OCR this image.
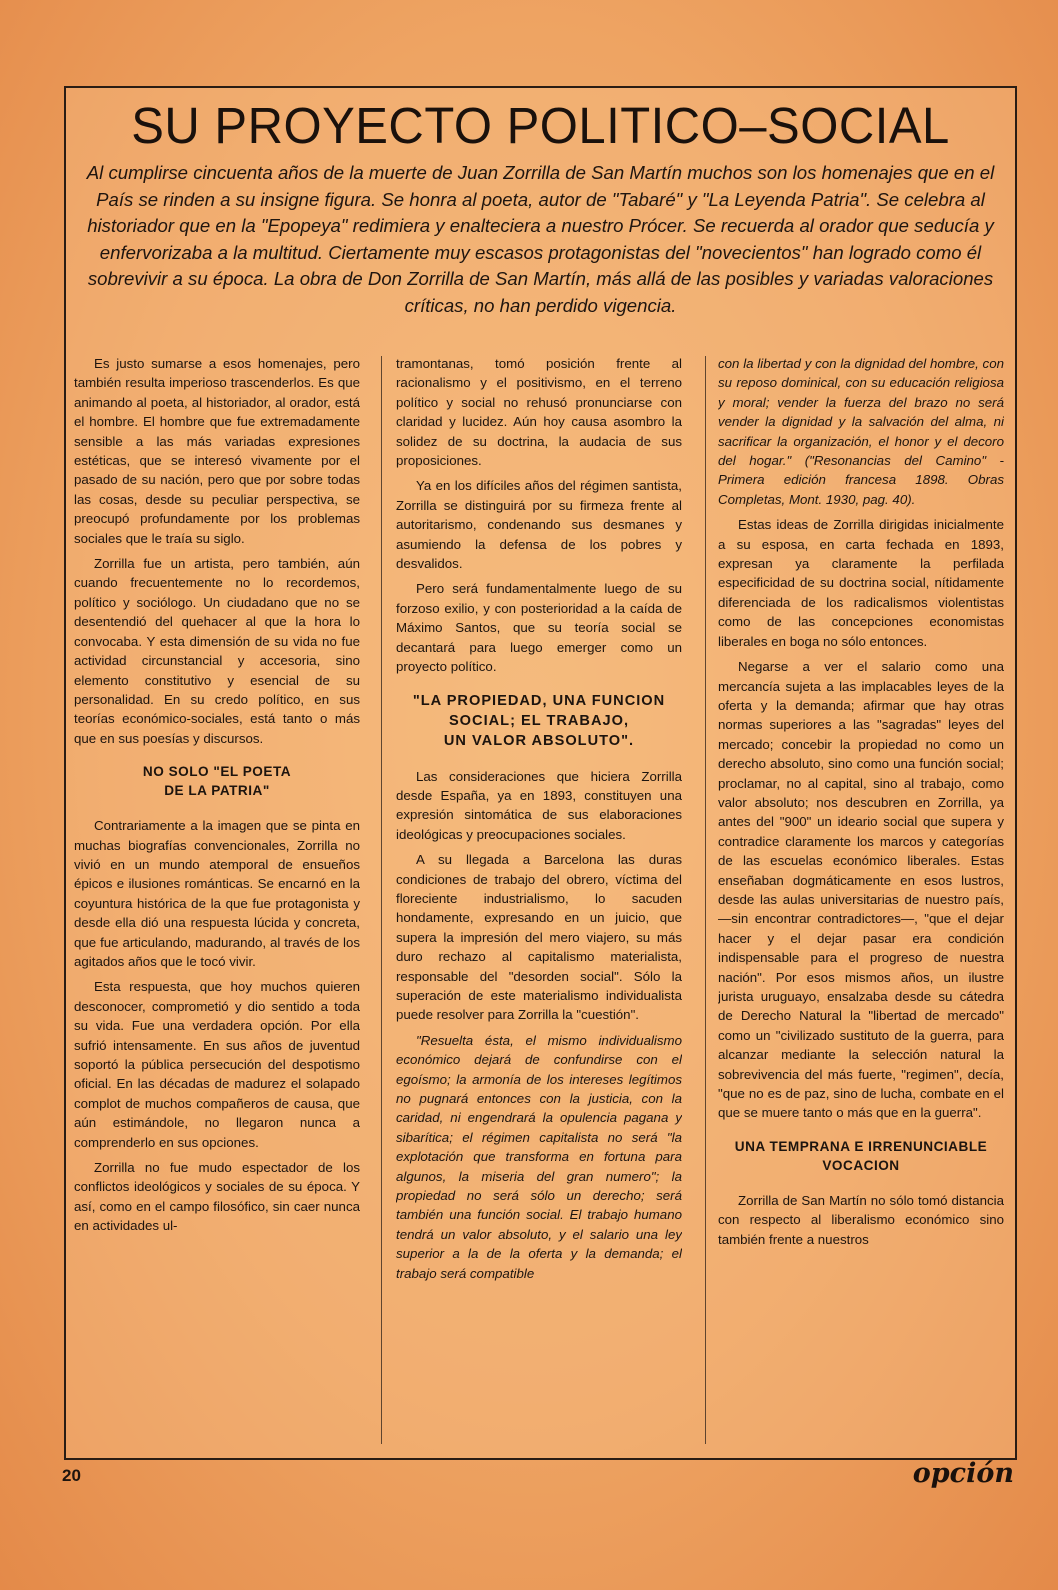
SU PROYECTO POLITICO–SOCIAL

Al cumplirse cincuenta años de la muerte de Juan Zorrilla de San Martín muchos son los homenajes que en el País se rinden a su insigne figura. Se honra al poeta, autor de "Tabaré" y "La Leyenda Patria". Se celebra al historiador que en la "Epopeya" redimiera y enalteciera a nuestro Prócer. Se recuerda al orador que seducía y enfervorizaba a la multitud. Ciertamente muy escasos protagonistas del "novecientos" han logrado como él sobrevivir a su época. La obra de Don Zorrilla de San Martín, más allá de las posibles y variadas valoraciones críticas, no han perdido vigencia.

Es justo sumarse a esos homenajes, pero también resulta imperioso trascenderlos. Es que animando al poeta, al historiador, al orador, está el hombre. El hombre que fue extremadamente sensible a las más variadas expresiones estéticas, que se interesó vivamente por el pasado de su nación, pero que por sobre todas las cosas, desde su peculiar perspectiva, se preocupó profundamente por los problemas sociales que le traía su siglo.

Zorrilla fue un artista, pero también, aún cuando frecuentemente no lo recordemos, político y sociólogo. Un ciudadano que no se desentendió del quehacer al que la hora lo convocaba. Y esta dimensión de su vida no fue actividad circunstancial y accesoria, sino elemento constitutivo y esencial de su personalidad. En su credo político, en sus teorías económico-sociales, está tanto o más que en sus poesías y discursos.

NO SOLO "EL POETA
DE LA PATRIA"

Contrariamente a la imagen que se pinta en muchas biografías convencionales, Zorrilla no vivió en un mundo atemporal de ensueños épicos e ilusiones románticas. Se encarnó en la coyuntura histórica de la que fue protagonista y desde ella dió una respuesta lúcida y concreta, que fue articulando, madurando, al través de los agitados años que le tocó vivir.

Esta respuesta, que hoy muchos quieren desconocer, comprometió y dio sentido a toda su vida. Fue una verdadera opción. Por ella sufrió intensamente. En sus años de juventud soportó la pública persecución del despotismo oficial. En las décadas de madurez el solapado complot de muchos compañeros de causa, que aún estimándole, no llegaron nunca a comprenderlo en sus opciones.

Zorrilla no fue mudo espectador de los conflictos ideológicos y sociales de su época. Y así, como en el campo filosófico, sin caer nunca en actividades ul-

tramontanas, tomó posición frente al racionalismo y el positivismo, en el terreno político y social no rehusó pronunciarse con claridad y lucidez. Aún hoy causa asombro la solidez de su doctrina, la audacia de sus proposiciones.

Ya en los difíciles años del régimen santista, Zorrilla se distinguirá por su firmeza frente al autoritarismo, condenando sus desmanes y asumiendo la defensa de los pobres y desvalidos.

Pero será fundamentalmente luego de su forzoso exilio, y con posterioridad a la caída de Máximo Santos, que su teoría social se decantará para luego emerger como un proyecto político.

"LA PROPIEDAD, UNA FUNCION
SOCIAL; EL TRABAJO,
UN VALOR ABSOLUTO".

Las consideraciones que hiciera Zorrilla desde España, ya en 1893, constituyen una expresión sintomática de sus elaboraciones ideológicas y preocupaciones sociales.

A su llegada a Barcelona las duras condiciones de trabajo del obrero, víctima del floreciente industrialismo, lo sacuden hondamente, expresando en un juicio, que supera la impresión del mero viajero, su más duro rechazo al capitalismo materialista, responsable del "desorden social". Sólo la superación de este materialismo individualista puede resolver para Zorrilla la "cuestión".

"Resuelta ésta, el mismo individualismo económico dejará de confundirse con el egoísmo; la armonía de los intereses legítimos no pugnará entonces con la justicia, con la caridad, ni engendrará la opulencia pagana y sibarítica; el régimen capitalista no será "la explotación que transforma en fortuna para algunos, la miseria del gran numero"; la propiedad no será sólo un derecho; será también una función social. El trabajo humano tendrá un valor absoluto, y el salario una ley superior a la de la oferta y la demanda; el trabajo será compatible

con la libertad y con la dignidad del hombre, con su reposo dominical, con su educación religiosa y moral; vender la fuerza del brazo no será vender la dignidad y la salvación del alma, ni sacrificar la organización, el honor y el decoro del hogar." ("Resonancias del Camino" - Primera edición francesa 1898. Obras Completas, Mont. 1930, pag. 40).

Estas ideas de Zorrilla dirigidas inicialmente a su esposa, en carta fechada en 1893, expresan ya claramente la perfilada especificidad de su doctrina social, nítidamente diferenciada de los radicalismos violentistas como de las concepciones economistas liberales en boga no sólo entonces.

Negarse a ver el salario como una mercancía sujeta a las implacables leyes de la oferta y la demanda; afirmar que hay otras normas superiores a las "sagradas" leyes del mercado; concebir la propiedad no como un derecho absoluto, sino como una función social; proclamar, no al capital, sino al trabajo, como valor absoluto; nos descubren en Zorrilla, ya antes del "900" un ideario social que supera y contradice claramente los marcos y categorías de las escuelas económico liberales. Estas enseñaban dogmáticamente en esos lustros, desde las aulas universitarias de nuestro país, —sin encontrar contradictores—, "que el dejar hacer y el dejar pasar era condición indispensable para el progreso de nuestra nación". Por esos mismos años, un ilustre jurista uruguayo, ensalzaba desde su cátedra de Derecho Natural la "libertad de mercado" como un "civilizado sustituto de la guerra, para alcanzar mediante la selección natural la sobrevivencia del más fuerte, "regimen", decía, "que no es de paz, sino de lucha, combate en el que se muere tanto o más que en la guerra".

UNA TEMPRANA E IRRENUNCIABLE
VOCACION

Zorrilla de San Martín no sólo tomó distancia con respecto al liberalismo económico sino también frente a nuestros

20	opción
